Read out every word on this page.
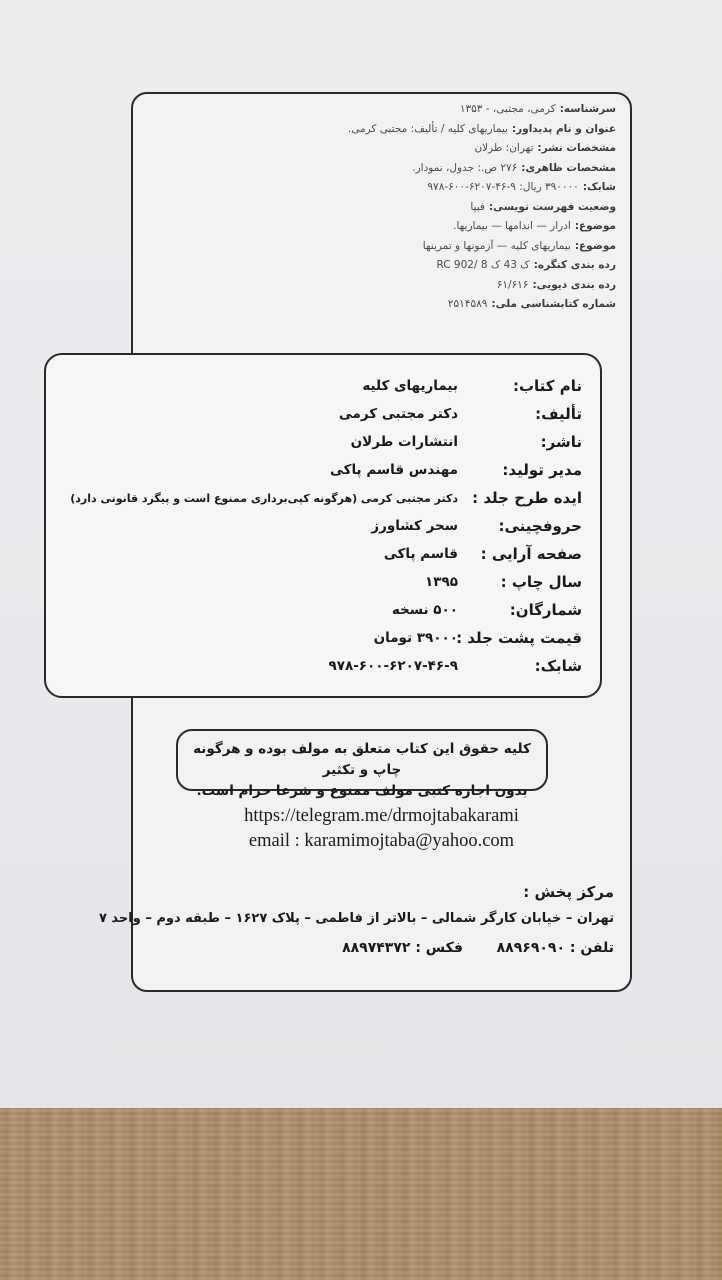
سرشناسه:کرمی، مجتبی، - ۱۳۵۳
عنوان و نام پدیداور:بیماریهای کلیه / تألیف: مجتبی کرمی.
مشخصات نشر:تهران: طرلان
مشخصات ظاهری:۲۷۶ ص.: جدول، نمودار.
شابک:۳۹۰۰۰۰ ریال: ۹-۴۶-۶۲۰۷-۶۰۰-۹۷۸
وضعیت فهرست نویسی:فیپا
موضوع:ادرار — اندامها — بیماریها.
موضوع:بیماریهای کلیه — آزمونها و تمرینها
رده بندی کنگره:RC 902/ ک 43 ک 8
رده بندی دیویی:۶۱/۶۱۶
شماره کتابشناسی ملی:۲۵۱۴۵۸۹
نام کتاب:
بیماریهای کلیه
تألیف:
دکتر مجتبی کرمی
ناشر:
انتشارات طرلان
مدیر تولید:
مهندس قاسم پاکی
ایده طرح جلد :
دکتر مجتبی کرمی (هرگونه کپی‌برداری ممنوع است و پیگرد قانونی دارد)
حروفچینی:
سحر کشاورز
صفحه آرایی :
قاسم پاکی
سال چاپ :
۱۳۹۵
شمارگان:
۵۰۰ نسخه
قیمت پشت جلد :
۳۹۰۰۰ تومان
شابک:
۹۷۸-۶۰۰-۶۲۰۷-۴۶-۹
کلیه حقوق این کتاب متعلق به مولف بوده و هرگونه چاپ و تکثیر
بدون اجازه کتبی مولف ممنوع و شرعا حرام است.
https://telegram.me/drmojtabakarami
email : karamimojtaba@yahoo.com
مرکز پخش :
تهران – خیابان کارگر شمالی – بالاتر از فاطمی – پلاک ۱۶۲۷ – طبقه دوم – واحد ۷
تلفن : ۸۸۹۶۹۰۹۰  فکس : ۸۸۹۷۴۳۷۲
